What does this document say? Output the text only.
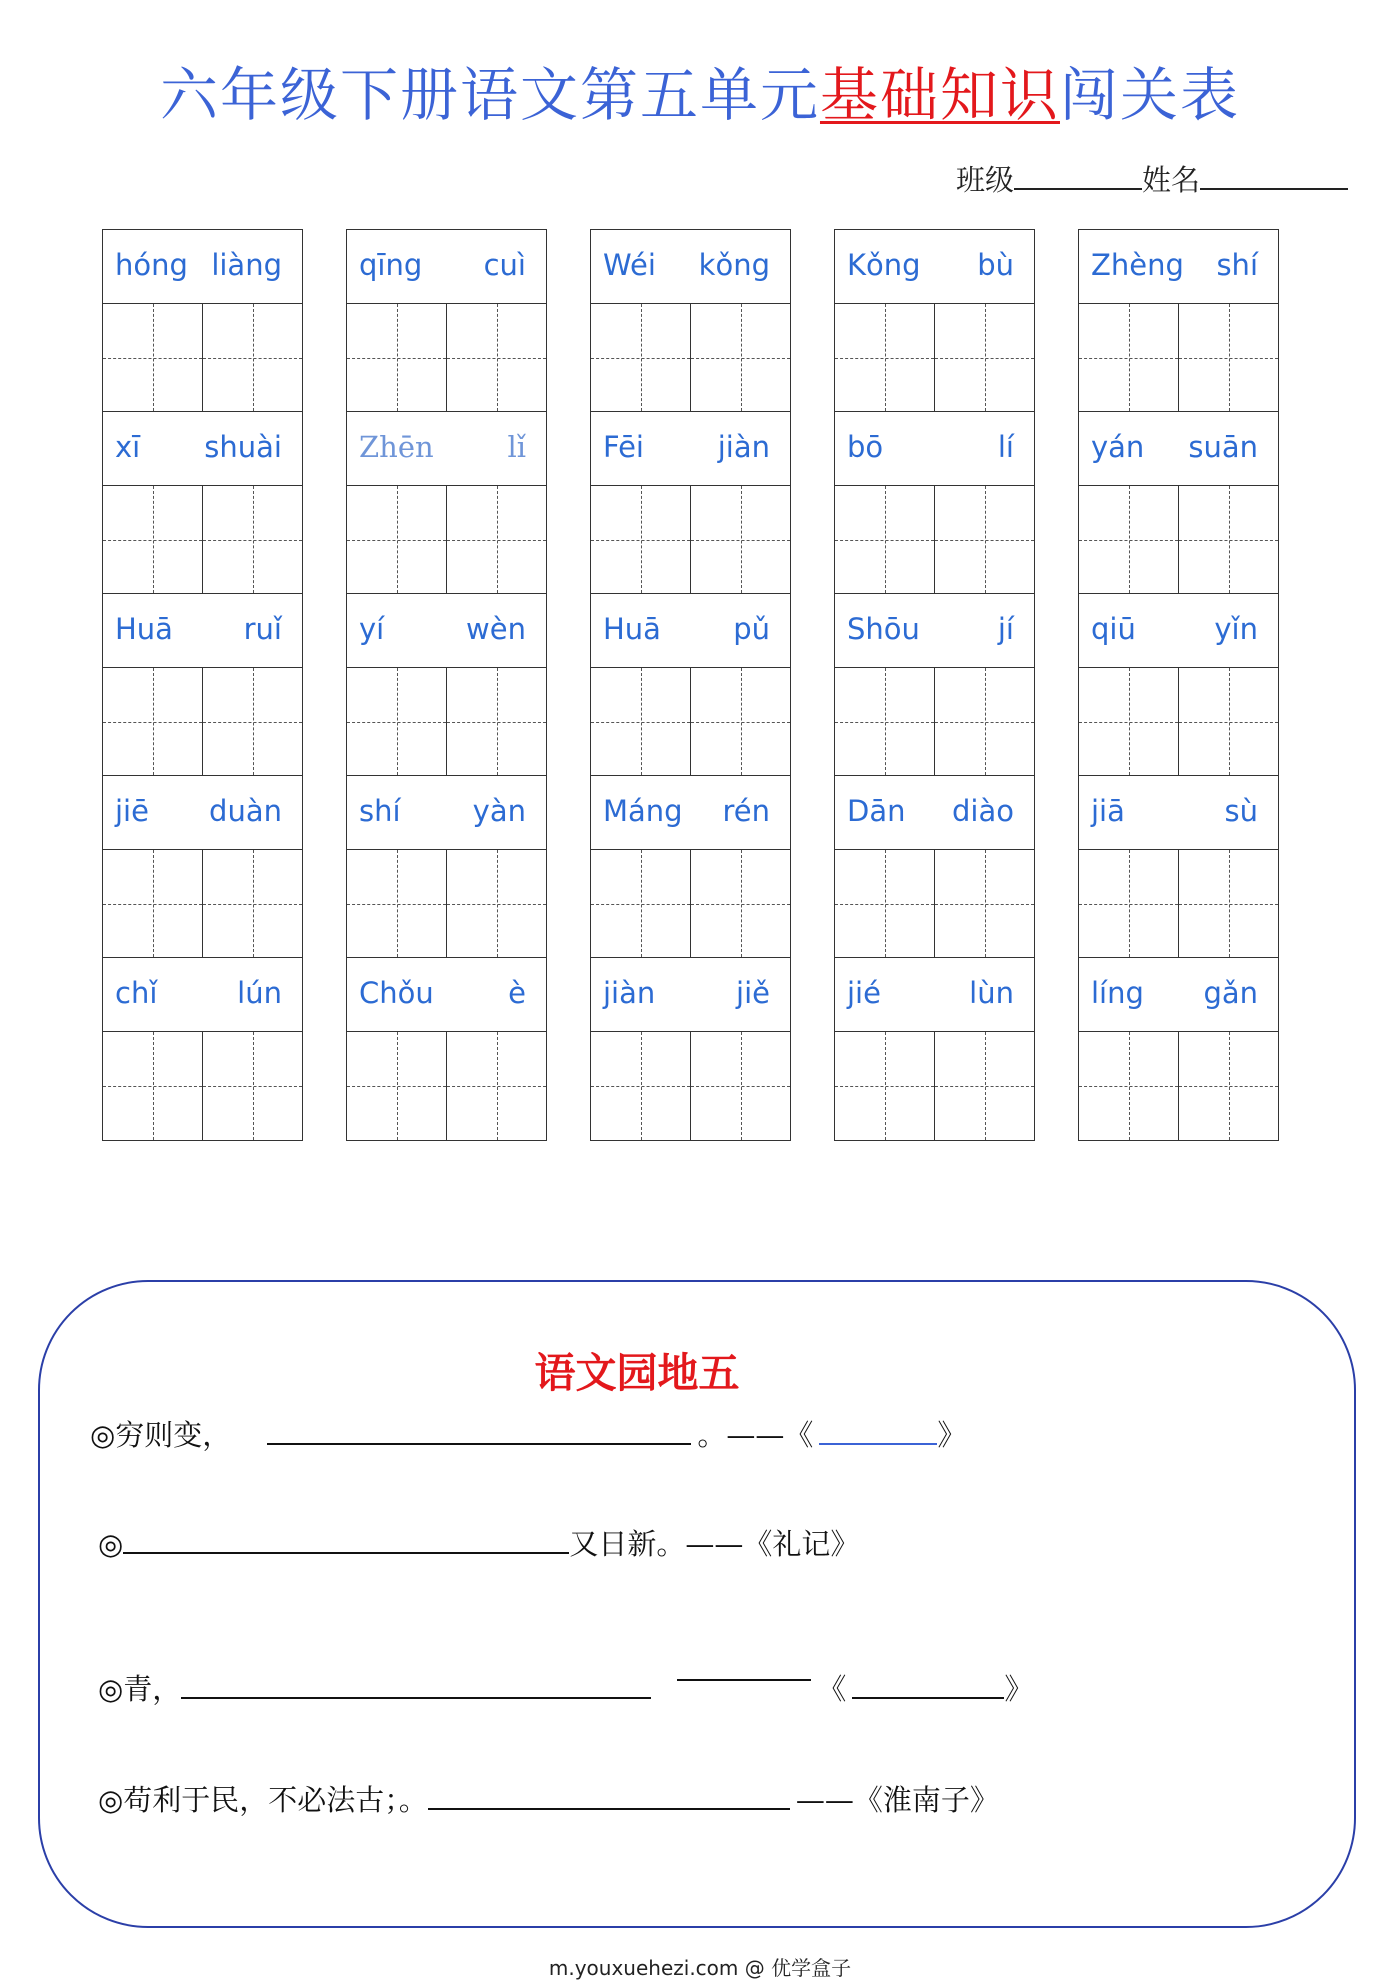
六年级下册语文第五单元基础知识闯关表
班级	姓名
hóng liàng
xī shuài
Huā ruǐ
jiē duàn
chǐ	lún
qīng cuì
Zhēn	lǐ
yí	wèn
shí yàn
Chǒu	è
Wéi kǒng
Fēi	jiàn
Huā pǔ
Máng rén
jiàn	jiě
Kǒng bù
bō	lí
Shōu	jí
Dān diào
jié	lùn
Zhèng shí
yán suān
qiū	yǐn
jiā	sù
líng gǎn
语文园地五
◎穷则变，	。——《	》
◎	又日新。——《礼记》
◎青，	《	》
◎苟利于民，不必法古；。	——《淮南子》
m.youxuehezi.com @ 优学盒子
